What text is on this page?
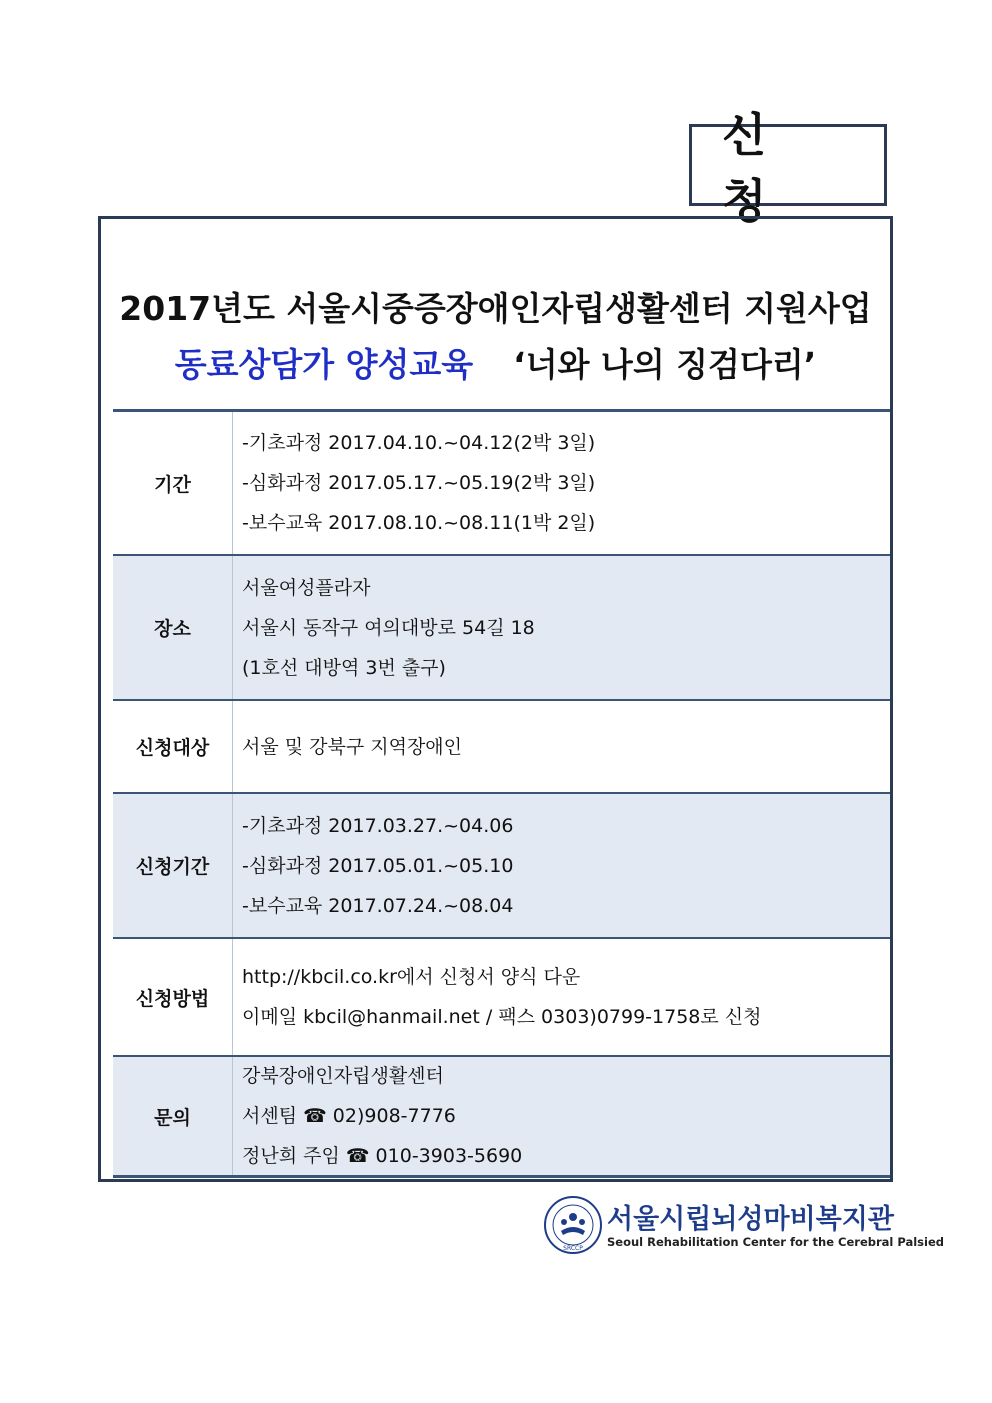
신 청
2017년도 서울시중증장애인자립생활센터 지원사업
동료상담가 양성교육 ‘너와 나의 징검다리’
기간
-기초과정 2017.04.10.~04.12(2박 3일)
-심화과정 2017.05.17.~05.19(2박 3일)
-보수교육 2017.08.10.~08.11(1박 2일)
장소
서울여성플라자
서울시 동작구 여의대방로 54길 18
(1호선 대방역 3번 출구)
신청대상	서울 및 강북구 지역장애인
신청기간
-기초과정 2017.03.27.~04.06
-심화과정 2017.05.01.~05.10
-보수교육 2017.07.24.~08.04
신청방법
http://kbcil.co.kr에서 신청서 양식 다운
이메일 kbcil@hanmail.net / 팩스 0303)0799-1758로 신청
문의
강북장애인자립생활센터
서센팀 ☎ 02)908-7776
정난희 주임 ☎ 010-3903-5690
SRCCP
서울시립뇌성마비복지관
Seoul Rehabilitation Center for the Cerebral Palsied
